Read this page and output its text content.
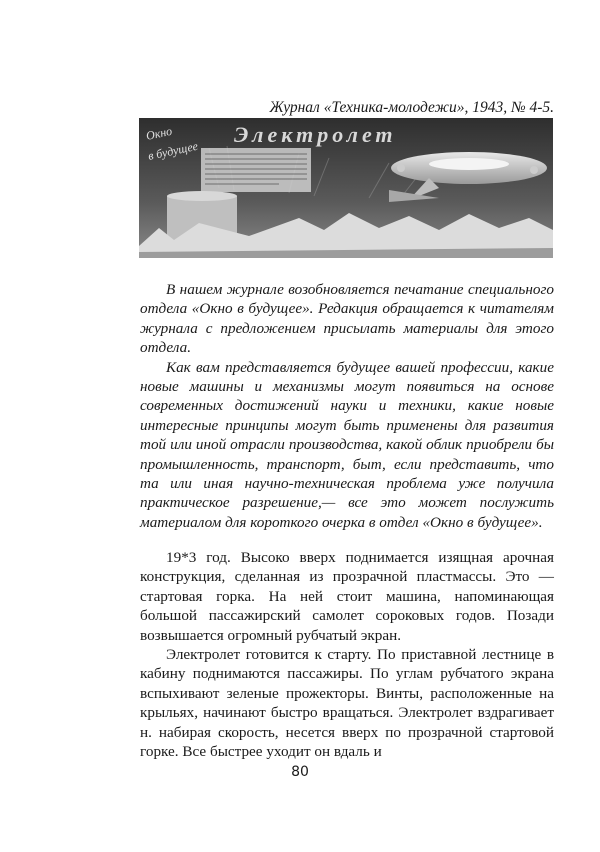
Журнал «Техника-молодежи», 1943, № 4-5.
Окно
в будущее
Электролет

В нашем журнале возобновляется печатание специального отдела «Окно в будущее». Редакция обращается к читателям журнала с предложением присылать материалы для этого отдела.

Как вам представляется будущее вашей профессии, какие новые машины и механизмы могут появиться на основе современных достижений науки и техники, какие новые интересные принципы могут быть применены для развития той или иной отрасли производства, какой облик приобрели бы промышленность, транспорт, быт, если представить, что та или иная научно-техническая проблема уже получила практическое разрешение,— все это может послужить материалом для короткого очерка в отдел «Окно в будущее».

19*3 год. Высоко вверх поднимается изящная арочная конструкция, сделанная из прозрачной пластмассы. Это — стартовая горка. На ней стоит машина, напоминающая большой пассажирский самолет сороковых годов. Позади возвышается огромный рубчатый экран.

Электролет готовится к старту. По приставной лестнице в кабину поднимаются пассажиры. По углам рубчатого экрана вспыхивают зеленые прожекторы. Винты, расположенные на крыльях, начинают быстро вращаться. Электролет вздрагивает н. набирая скорость, несется вверх по прозрачной стартовой горке. Все быстрее уходит он вдаль и

80
